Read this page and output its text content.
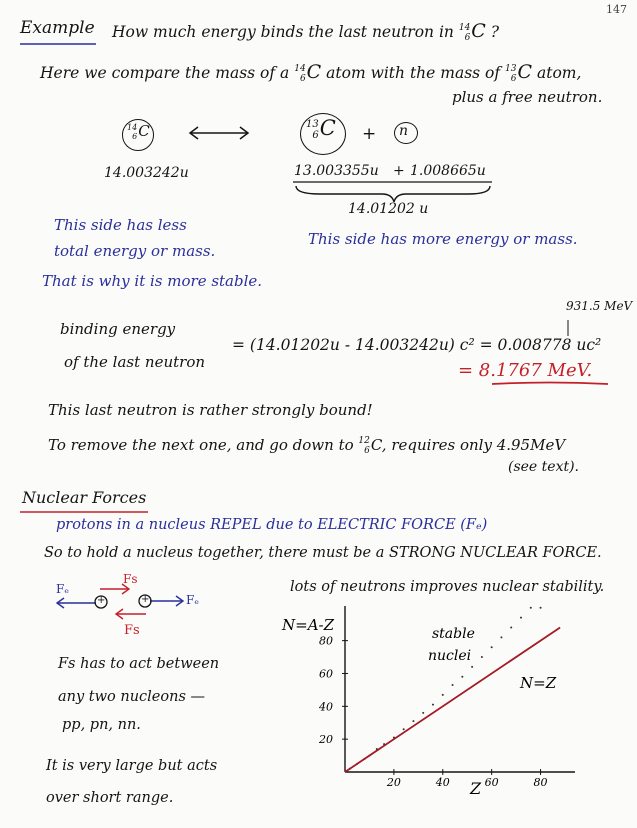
147
Example How much energy binds the last neutron in 14
6 C ?
Here we compare the mass of a 14
6 C atom with the mass of 13
6 C atom,
plus a free neutron.
14
6 C	13
6 C + n
14.003242u	13.003355u + 1.008665u
14.01202 u
This side has less
total energy or mass.
That is why it is more stable.
This side has more energy or mass.
931.5 MeV
binding energy
of the last neutron
= (14.01202u - 14.003242u) c² = 0.008778 uc²
= 8.1767 MeV.
This last neutron is rather strongly bound!
To remove the next one, and go down to 12
6 C, requires only 4.95MeV
(see text).
Nuclear Forces
protons in a nucleus REPEL due to ELECTRIC FORCE (Fₑ)
So to hold a nucleus together, there must be a STRONG NUCLEAR FORCE.
Fₑ
Fₑ
Fs
Fs
+	+
lots of neutrons improves nuclear stability.
Fs has to act between
any two nucleons —
pp, pn, nn.
It is very large but acts
over short range.
20	40	60	80
20
40
60
80
N=A-Z
Z
stable
nuclei
N=Z
